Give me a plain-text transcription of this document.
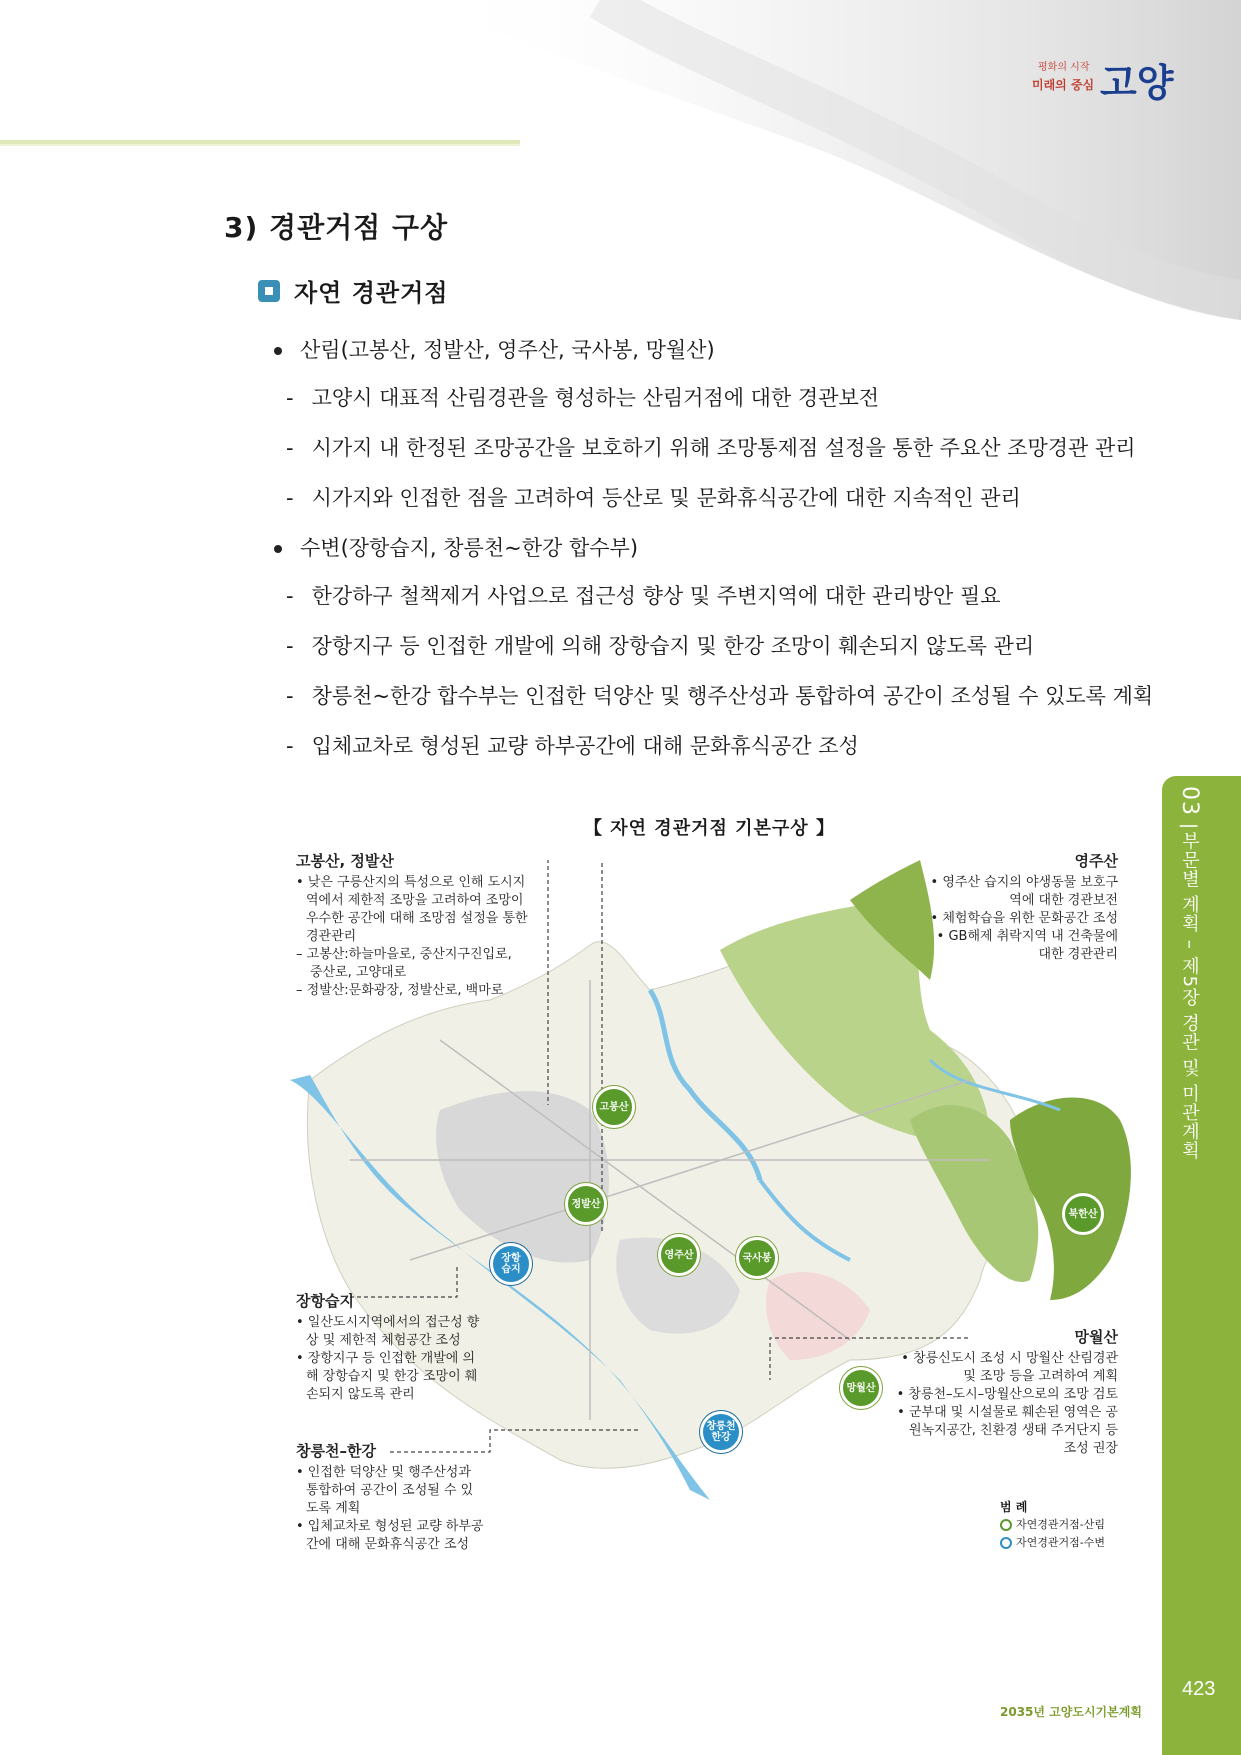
평화의 시작
미래의 중심 고양
3) 경관거점 구상
자연 경관거점
산림(고봉산, 정발산, 영주산, 국사봉, 망월산)
- 고양시 대표적 산림경관을 형성하는 산림거점에 대한 경관보전
- 시가지 내 한정된 조망공간을 보호하기 위해 조망통제점 설정을 통한 주요산 조망경관 관리
- 시가지와 인접한 점을 고려하여 등산로 및 문화휴식공간에 대한 지속적인 관리
수변(장항습지, 창릉천~한강 합수부)
- 한강하구 철책제거 사업으로 접근성 향상 및 주변지역에 대한 관리방안 필요
- 장항지구 등 인접한 개발에 의해 장항습지 및 한강 조망이 훼손되지 않도록 관리
- 창릉천~한강 합수부는 인접한 덕양산 및 행주산성과 통합하여 공간이 조성될 수 있도록 계획
- 입체교차로 형성된 교량 하부공간에 대해 문화휴식공간 조성
【 자연 경관거점 기본구상 】
고봉산
정발산
영주산	국사봉
북한산
망월산
장항
습지
창릉천
한강
고봉산, 정발산
• 낮은 구릉산지의 특성으로 인해 도시지
역에서 제한적 조망을 고려하여 조망이
우수한 공간에 대해 조망점 설정을 통한
경관관리
– 고봉산:하늘마을로, 중산지구진입로,
중산로, 고양대로
– 정발산:문화광장, 정발산로, 백마로
영주산
• 영주산 습지의 야생동물 보호구
역에 대한 경관보전
• 체험학습을 위한 문화공간 조성
• GB해제 취락지역 내 건축물에
대한 경관관리
장항습지
• 일산도시지역에서의 접근성 향
상 및 제한적 체험공간 조성
• 장항지구 등 인접한 개발에 의
해 장항습지 및 한강 조망이 훼
손되지 않도록 관리
창릉천–한강
• 인접한 덕양산 및 행주산성과
통합하여 공간이 조성될 수 있
도록 계획
• 입체교차로 형성된 교량 하부공
간에 대해 문화휴식공간 조성
망월산
• 창릉신도시 조성 시 망월산 산림경관
및 조망 등을 고려하여 계획
• 창릉천–도시–망월산으로의 조망 검토
• 군부대 및 시설물로 훼손된 영역은 공
원녹지공간, 친환경 생태 주거단지 등
조성 권장
범 례
자연경관거점-산림
자연경관거점-수변
03 | 부문별 계획 – 제5장 경관 및 미관계획
423
2035년 고양도시기본계획
